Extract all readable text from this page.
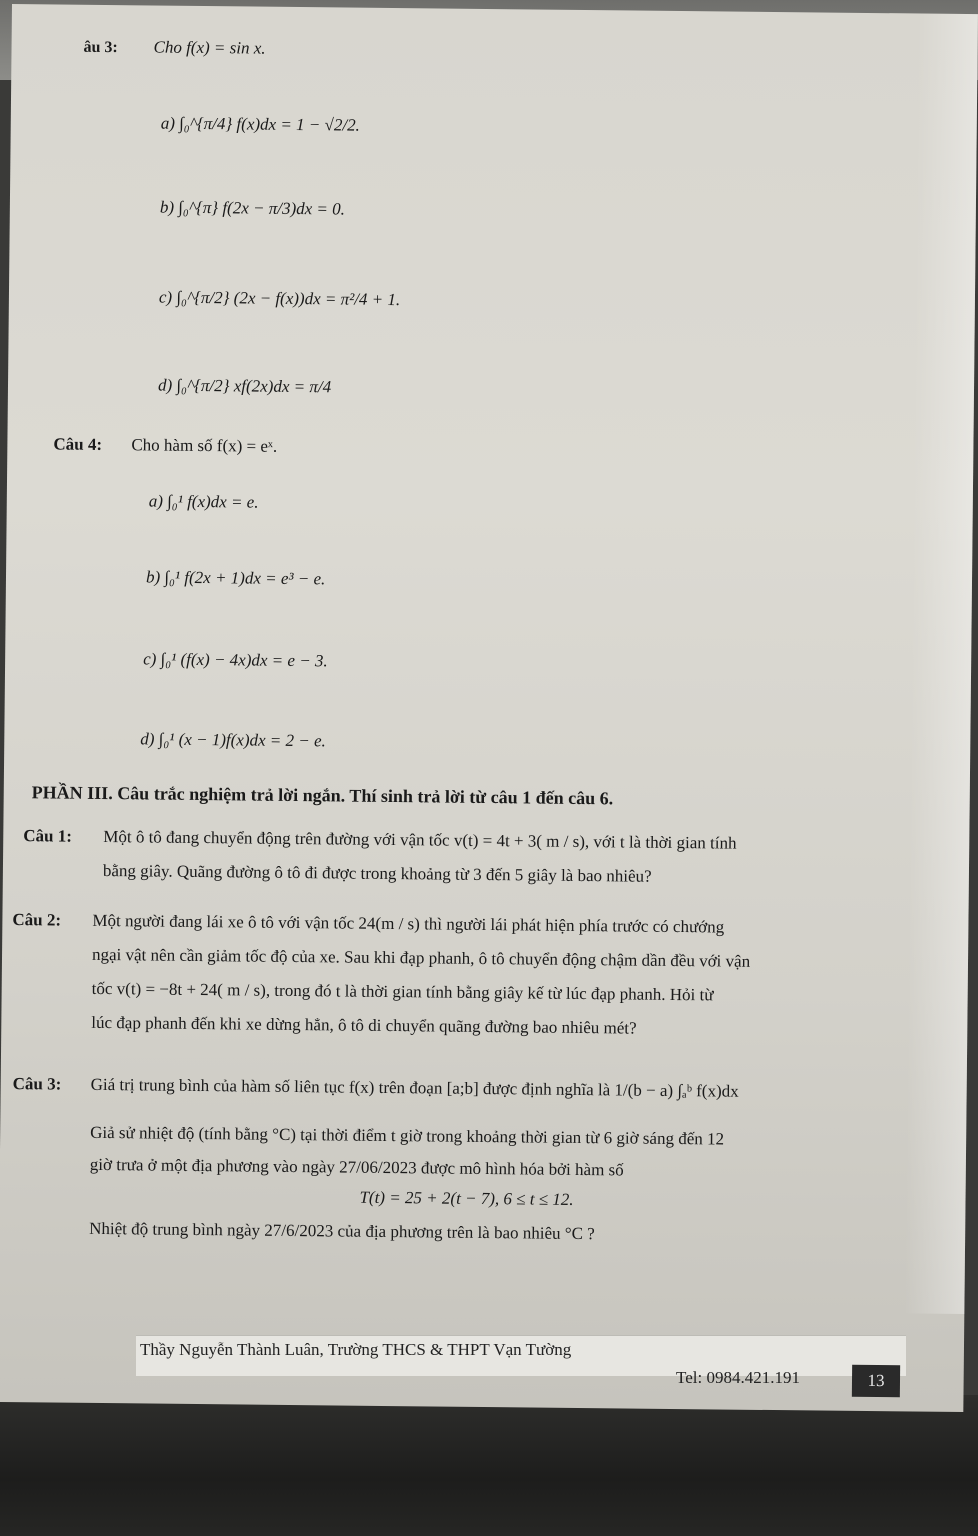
âu 3: Cho f(x) = sin x.
a) ∫₀^{π/4} f(x)dx = 1 − √2/2.
b) ∫₀^{π} f(2x − π/3)dx = 0.
c) ∫₀^{π/2} (2x − f(x))dx = π²/4 + 1.
d) ∫₀^{π/2} xf(2x)dx = π/4
Câu 4: Cho hàm số f(x) = eˣ.
a) ∫₀¹ f(x)dx = e.
b) ∫₀¹ f(2x + 1)dx = e³ − e.
c) ∫₀¹ (f(x) − 4x)dx = e − 3.
d) ∫₀¹ (x − 1)f(x)dx = 2 − e.
PHẦN III. Câu trắc nghiệm trả lời ngắn. Thí sinh trả lời từ câu 1 đến câu 6.
Câu 1: Một ô tô đang chuyển động trên đường với vận tốc v(t) = 4t + 3( m / s), với t là thời gian tính
bằng giây. Quãng đường ô tô đi được trong khoảng từ 3 đến 5 giây là bao nhiêu?
Câu 2: Một người đang lái xe ô tô với vận tốc 24(m / s) thì người lái phát hiện phía trước có chướng
ngại vật nên cần giảm tốc độ của xe. Sau khi đạp phanh, ô tô chuyển động chậm dần đều với vận
tốc v(t) = −8t + 24( m / s), trong đó t là thời gian tính bằng giây kế từ lúc đạp phanh. Hỏi từ
lúc đạp phanh đến khi xe dừng hẳn, ô tô di chuyển quãng đường bao nhiêu mét?
Câu 3: Giá trị trung bình của hàm số liên tục f(x) trên đoạn [a;b] được định nghĩa là 1/(b − a) ∫ₐᵇ f(x)dx
Giả sử nhiệt độ (tính bằng °C) tại thời điểm t giờ trong khoảng thời gian từ 6 giờ sáng đến 12
giờ trưa ở một địa phương vào ngày 27/06/2023 được mô hình hóa bởi hàm số
T(t) = 25 + 2(t − 7), 6 ≤ t ≤ 12.
Nhiệt độ trung bình ngày 27/6/2023 của địa phương trên là bao nhiêu °C ?
Thầy Nguyễn Thành Luân, Trường THCS & THPT Vạn Tường
Tel: 0984.421.191	13
